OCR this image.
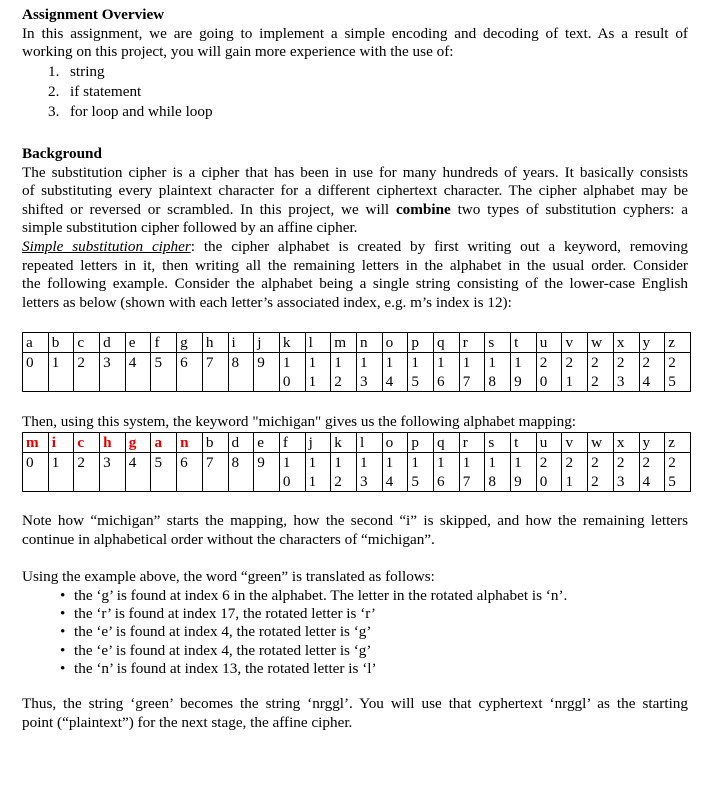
Assignment Overview
In this assignment, we are going to implement a simple encoding and decoding of text. As a result of
working on this project, you will gain more experience with the use of:
1. string
2. if statement
3. for loop and while loop
Background
The substitution cipher is a cipher that has been in use for many hundreds of years. It basically consists
of substituting every plaintext character for a different ciphertext character. The cipher alphabet may be
shifted or reversed or scrambled. In this project, we will combine two types of substitution cyphers: a
simple substitution cipher followed by an affine cipher.
Simple substitution cipher: the cipher alphabet is created by first writing out a keyword, removing
repeated letters in it, then writing all the remaining letters in the alphabet in the usual order. Consider
the following example. Consider the alphabet being a single string consisting of the lower-case English
letters as below (shown with each letter’s associated index, e.g. m’s index is 12):
a	b	c	d	e	f	g	h	i	j	k	l	m	n	o	p	q	r	s	t	u	v	w	x	y	z
0	1	2	3	4	5	6	7	8	9	10	11	12	13	14	15	16	17	18	19	20	21	22	23	24	25
Then, using this system, the keyword "michigan" gives us the following alphabet mapping:
m	i	c	h	g	a	n	b	d	e	f	j	k	l	o	p	q	r	s	t	u	v	w	x	y	z
0	1	2	3	4	5	6	7	8	9	10	11	12	13	14	15	16	17	18	19	20	21	22	23	24	25
Note how “michigan” starts the mapping, how the second “i” is skipped, and how the remaining letters
continue in alphabetical order without the characters of “michigan”.
Using the example above, the word “green” is translated as follows:
• the ‘g’ is found at index 6 in the alphabet. The letter in the rotated alphabet is ‘n’.
• the ‘r’ is found at index 17, the rotated letter is ‘r’
• the ‘e’ is found at index 4, the rotated letter is ‘g’
• the ‘e’ is found at index 4, the rotated letter is ‘g’
• the ‘n’ is found at index 13, the rotated letter is ‘l’
Thus, the string ‘green’ becomes the string ‘nrggl’. You will use that cyphertext ‘nrggl’ as the starting
point (“plaintext”) for the next stage, the affine cipher.
